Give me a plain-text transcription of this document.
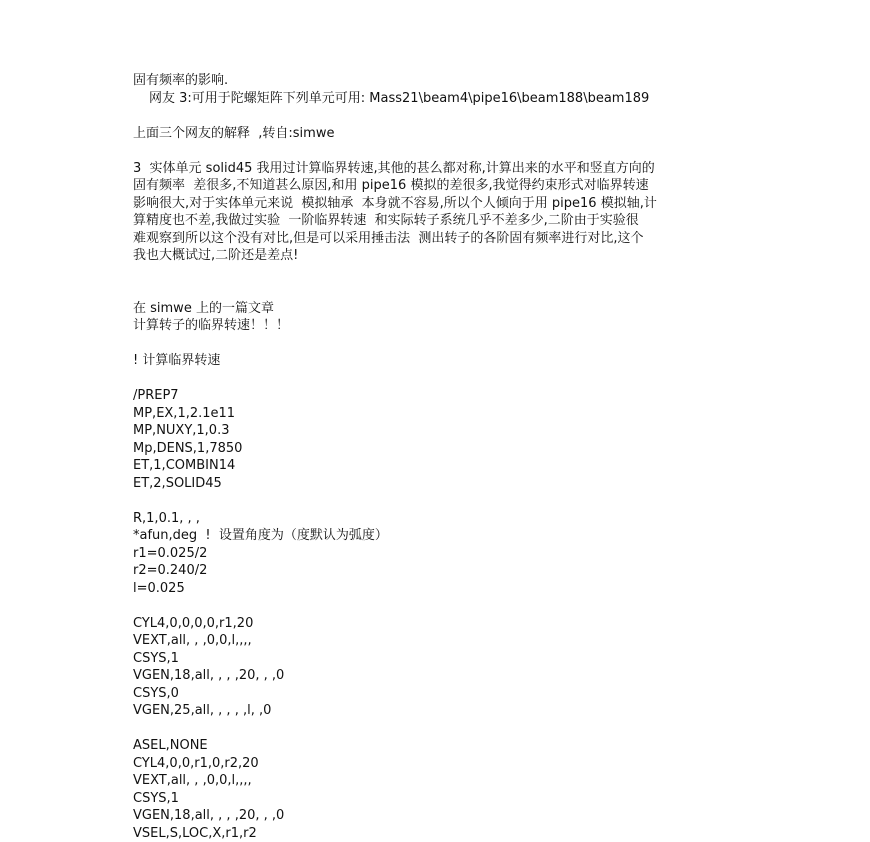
固有频率的影响.

网友 3:可用于陀螺矩阵下列单元可用: Mass21\beam4\pipe16\beam188\beam189

上面三个网友的解释  ,转自:simwe

3  实体单元 solid45 我用过计算临界转速,其他的甚么都对称,计算出来的水平和竖直方向的

固有频率  差很多,不知道甚么原因,和用 pipe16 模拟的差很多,我觉得约束形式对临界转速

影响很大,对于实体单元来说  模拟轴承  本身就不容易,所以个人倾向于用 pipe16 模拟轴,计

算精度也不差,我做过实验  一阶临界转速  和实际转子系统几乎不差多少,二阶由于实验很

难观察到所以这个没有对比,但是可以采用捶击法  测出转子的各阶固有频率进行对比,这个

我也大概试过,二阶还是差点!

在 simwe 上的一篇文章

计算转子的临界转速！！！

! 计算临界转速

/PREP7

MP,EX,1,2.1e11

MP,NUXY,1,0.3

Mp,DENS,1,7850

ET,1,COMBIN14

ET,2,SOLID45

R,1,0.1, , ,

*afun,deg  !  设置角度为（度默认为弧度）

r1=0.025/2

r2=0.240/2

l=0.025

CYL4,0,0,0,0,r1,20

VEXT,all, , ,0,0,l,,,,

CSYS,1

VGEN,18,all, , , ,20, , ,0

CSYS,0

VGEN,25,all, , , , ,l, ,0

ASEL,NONE

CYL4,0,0,r1,0,r2,20

VEXT,all, , ,0,0,l,,,,

CSYS,1

VGEN,18,all, , , ,20, , ,0

VSEL,S,LOC,X,r1,r2
